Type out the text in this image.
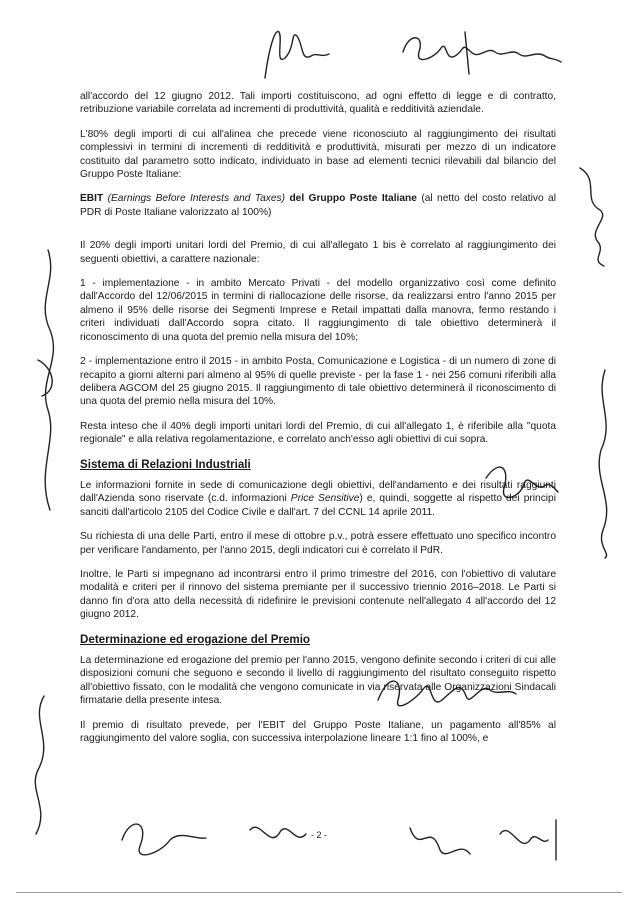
all'accordo del 12 giugno 2012. Tali importi costituiscono, ad ogni effetto di legge e di contratto, retribuzione variabile correlata ad incrementi di produttività, qualità e redditività aziendale.

L'80% degli importi di cui all'alinea che precede viene riconosciuto al raggiungimento dei risultati complessivi in termini di incrementi di redditività e produttività, misurati per mezzo di un indicatore costituito dal parametro sotto indicato, individuato in base ad elementi tecnici rilevabili dal bilancio del Gruppo Poste Italiane:

EBIT (Earnings Before Interests and Taxes) del Gruppo Poste Italiane (al netto del costo relativo al PDR di Poste Italiane valorizzato al 100%)

Il 20% degli importi unitari lordi del Premio, di cui all'allegato 1 bis è correlato al raggiungimento dei seguenti obiettivi, a carattere nazionale:

1 - implementazione - in ambito Mercato Privati - del modello organizzativo così come definito dall'Accordo del 12/06/2015 in termini di riallocazione delle risorse, da realizzarsi entro l'anno 2015 per almeno il 95% delle risorse dei Segmenti Imprese e Retail impattati dalla manovra, fermo restando i criteri individuati dall'Accordo sopra citato. Il raggiungimento di tale obiettivo determinerà il riconoscimento di una quota del premio nella misura del 10%;

2 - implementazione entro il 2015 - in ambito Posta, Comunicazione e Logistica - di un numero di zone di recapito a giorni alterni pari almeno al 95% di quelle previste - per la fase 1 - nei 256 comuni riferibili alla delibera AGCOM del 25 giugno 2015. Il raggiungimento di tale obiettivo determinerà il riconoscimento di una quota del premio nella misura del 10%.

Resta inteso che il 40% degli importi unitari lordi del Premio, di cui all'allegato 1, è riferibile alla "quota regionale" e alla relativa regolamentazione, e correlato anch'esso agli obiettivi di cui sopra.

Sistema di Relazioni Industriali

Le informazioni fornite in sede di comunicazione degli obiettivi, dell'andamento e dei risultati raggiunti dall'Azienda sono riservate (c.d. informazioni Price Sensitive) e, quindi, soggette al rispetto dei principi sanciti dall'articolo 2105 del Codice Civile e dall'art. 7 del CCNL 14 aprile 2011.

Su richiesta di una delle Parti, entro il mese di ottobre p.v., potrà essere effettuato uno specifico incontro per verificare l'andamento, per l'anno 2015, degli indicatori cui è correlato il PdR.

Inoltre, le Parti si impegnano ad incontrarsi entro il primo trimestre del 2016, con l'obiettivo di valutare modalità e criteri per il rinnovo del sistema premiante per il successivo triennio 2016–2018. Le Parti si danno fin d'ora atto della necessità di ridefinire le previsioni contenute nell'allegato 4 all'accordo del 12 giugno 2012.

Determinazione ed erogazione del Premio

La determinazione ed erogazione del premio per l'anno 2015, vengono definite secondo i criteri di cui alle disposizioni comuni che seguono e secondo il livello di raggiungimento del risultato conseguito rispetto all'obiettivo fissato, con le modalità che vengono comunicate in via riservata alle Organizzazioni Sindacali firmatarie della presente intesa.

Il premio di risultato prevede, per l'EBIT del Gruppo Poste Italiane, un pagamento all'85% al raggiungimento del valore soglia, con successiva interpolazione lineare 1:1 fino al 100%, e

- 2 -
